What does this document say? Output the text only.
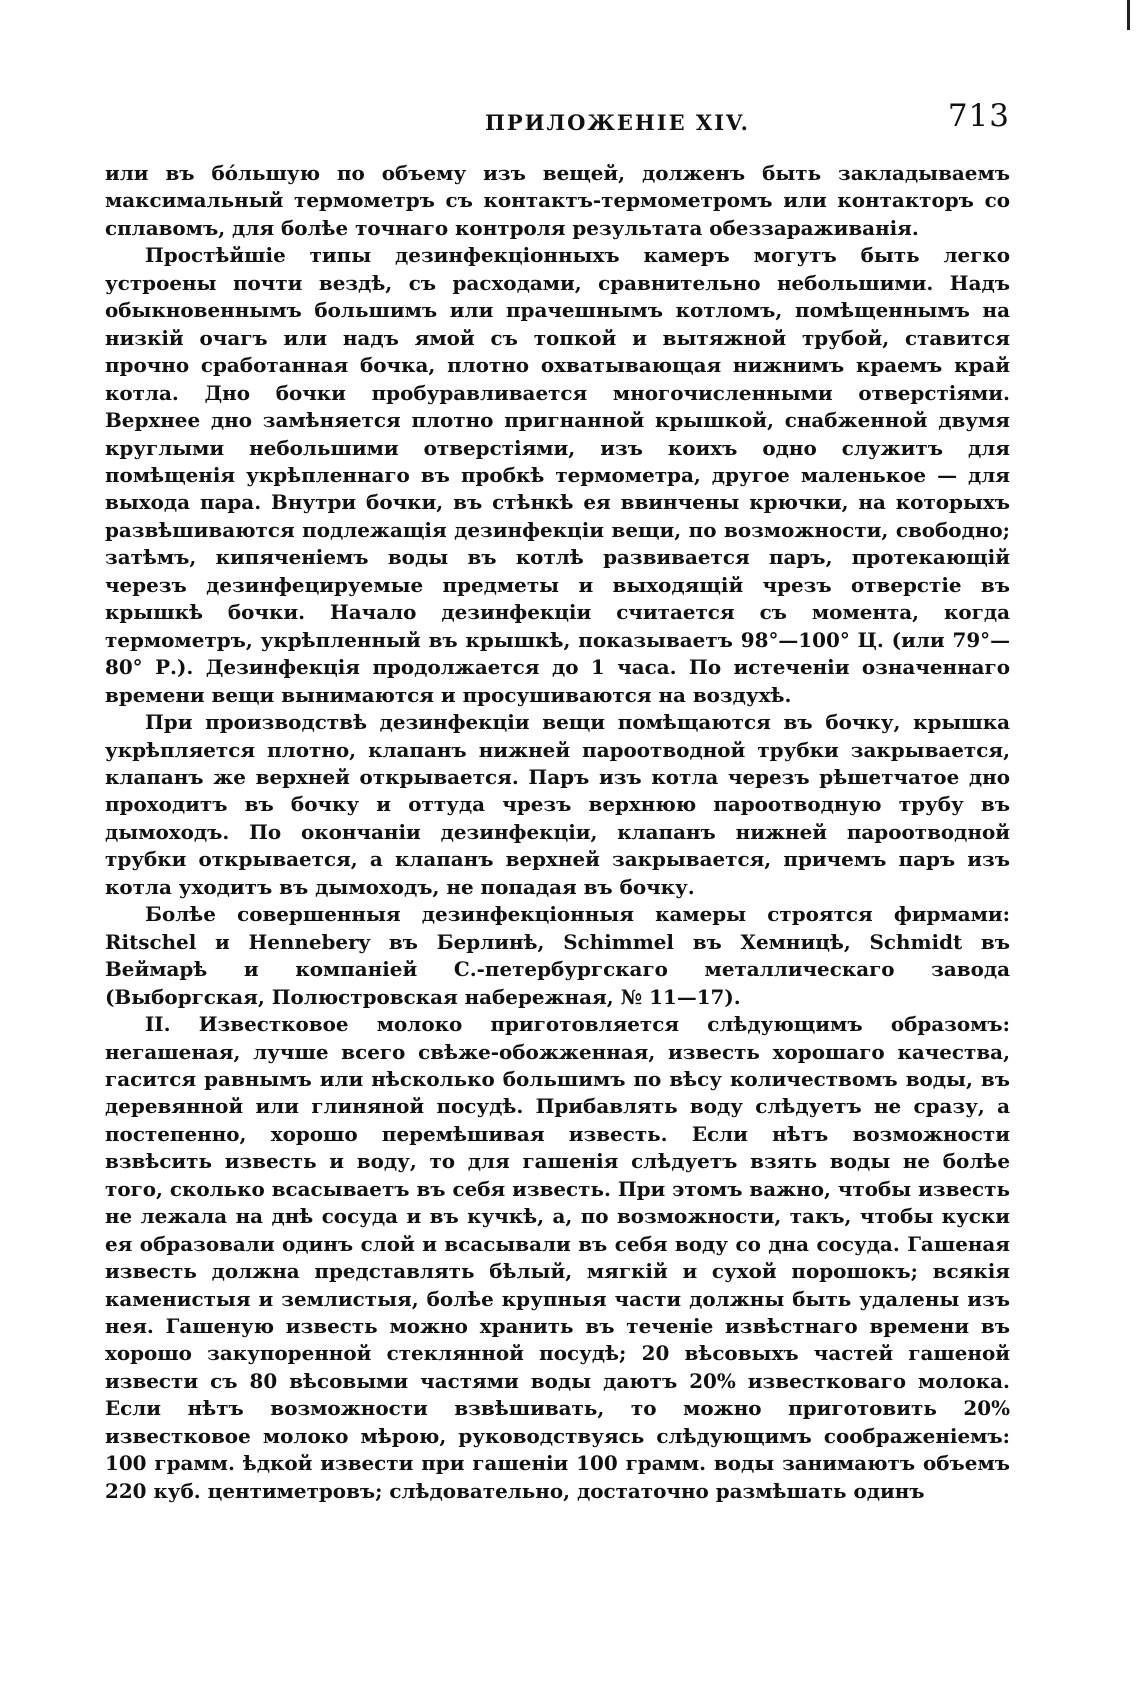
ПРИЛОЖЕНІЕ XIV.	713

или въ бо́льшую по объему изъ вещей, долженъ быть закладываемъ максимальный термометръ съ контактъ-термометромъ или контакторъ со сплавомъ, для болѣе точнаго контроля результата обеззараживанія.

Простѣйшіе типы дезинфекціонныхъ камеръ могутъ быть легко устроены почти вездѣ, съ расходами, сравнительно небольшими. Надъ обыкновеннымъ большимъ или прачешнымъ котломъ, помѣщеннымъ на низкій очагъ или надъ ямой съ топкой и вытяжной трубой, ставится прочно сработанная бочка, плотно охватывающая нижнимъ краемъ край котла. Дно бочки пробуравливается многочисленными отверстіями. Верхнее дно замѣняется плотно пригнанной крышкой, снабженной двумя круглыми небольшими отверстіями, изъ коихъ одно служитъ для помѣщенія укрѣпленнаго въ пробкѣ термометра, другое маленькое — для выхода пара. Внутри бочки, въ стѣнкѣ ея ввинчены крючки, на которыхъ развѣшиваются подлежащія дезинфекціи вещи, по возможности, свободно; затѣмъ, кипяченіемъ воды въ котлѣ развивается паръ, протекающій черезъ дезинфецируемые предметы и выходящій чрезъ отверстіе въ крышкѣ бочки. Начало дезинфекціи считается съ момента, когда термометръ, укрѣпленный въ крышкѣ, показываетъ 98°—100° Ц. (или 79°—80° Р.). Дезинфекція продолжается до 1 часа. По истеченіи означеннаго времени вещи вынимаются и просушиваются на воздухѣ.

При производствѣ дезинфекціи вещи помѣщаются въ бочку, крышка укрѣпляется плотно, клапанъ нижней пароотводной трубки закрывается, клапанъ же верхней открывается. Паръ изъ котла черезъ рѣшетчатое дно проходитъ въ бочку и оттуда чрезъ верхнюю пароотводную трубу въ дымоходъ. По окончаніи дезинфекціи, клапанъ нижней пароотводной трубки открывается, а клапанъ верхней закрывается, причемъ паръ изъ котла уходитъ въ дымоходъ, не попадая въ бочку.

Болѣе совершенныя дезинфекціонныя камеры строятся фирмами: Ritschel и Hennebery въ Берлинѣ, Schimmel въ Хемницѣ, Schmidt въ Веймарѣ и компаніей С.-петербургскаго металлическаго завода (Выборгская, Полюстровская набережная, № 11—17).

II. Известковое молоко приготовляется слѣдующимъ образомъ: негашеная, лучше всего свѣже-обожженная, известь хорошаго качества, гасится равнымъ или нѣсколько большимъ по вѣсу количествомъ воды, въ деревянной или глиняной посудѣ. Прибавлять воду слѣдуетъ не сразу, а постепенно, хорошо перемѣшивая известь. Если нѣтъ возможности взвѣсить известь и воду, то для гашенія слѣдуетъ взять воды не болѣе того, сколько всасываетъ въ себя известь. При этомъ важно, чтобы известь не лежала на днѣ сосуда и въ кучкѣ, а, по возможности, такъ, чтобы куски ея образовали одинъ слой и всасывали въ себя воду со дна сосуда. Гашеная известь должна представлять бѣлый, мягкій и сухой порошокъ; всякія каменистыя и землистыя, болѣе крупныя части должны быть удалены изъ нея. Гашеную известь можно хранить въ теченіе извѣстнаго времени въ хорошо закупоренной стеклянной посудѣ; 20 вѣсовыхъ частей гашеной извести съ 80 вѣсовыми частями воды даютъ 20% известковаго молока. Если нѣтъ возможности взвѣшивать, то можно приготовить 20% известковое молоко мѣрою, руководствуясь слѣдующимъ соображеніемъ: 100 грамм. ѣдкой извести при гашеніи 100 грамм. воды занимаютъ объемъ 220 куб. центиметровъ; слѣдовательно, достаточно размѣшать одинъ
